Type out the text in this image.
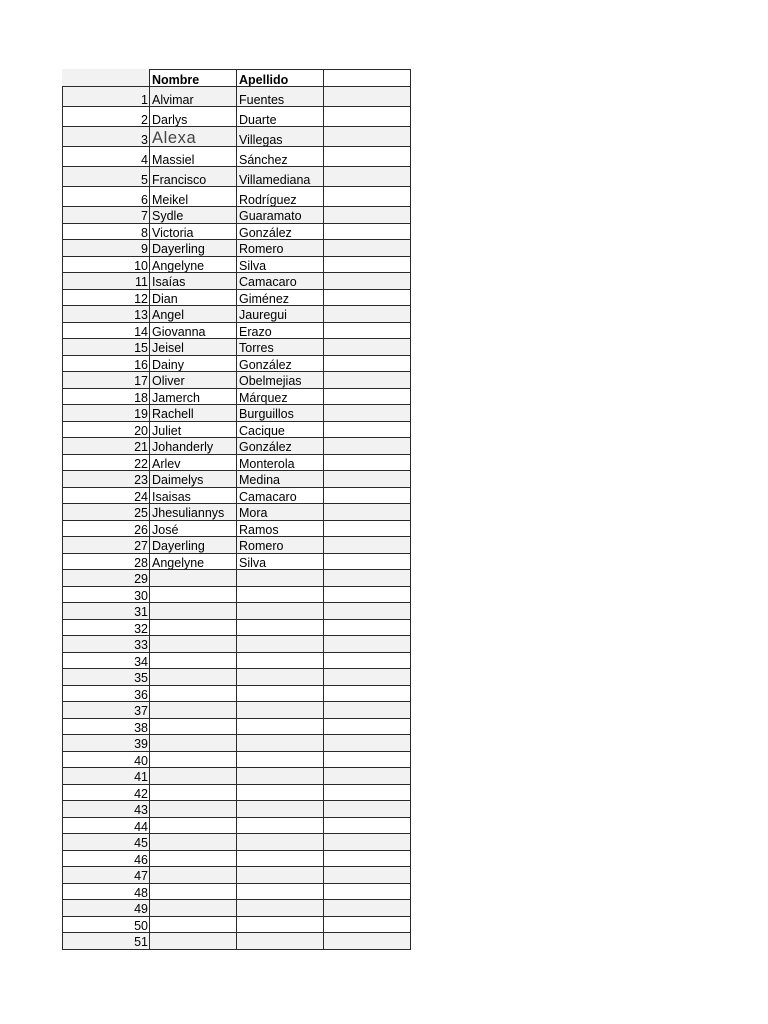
	Nombre	Apellido	
1	Alvimar	Fuentes	
2	Darlys	Duarte	
3	Alexa	Villegas	
4	Massiel	Sánchez	
5	Francisco	Villamediana	
6	Meikel	Rodríguez	
7	Sydle	Guaramato	
8	Victoria	González	
9	Dayerling	Romero	
10	Angelyne	Silva	
11	Isaías	Camacaro	
12	Dian	Giménez	
13	Angel	Jauregui	
14	Giovanna	Erazo	
15	Jeisel	Torres	
16	Dainy	González	
17	Oliver	Obelmejias	
18	Jamerch	Márquez	
19	Rachell	Burguillos	
20	Juliet	Cacique	
21	Johanderly	González	
22	Arlev	Monterola	
23	Daimelys	Medina	
24	Isaisas	Camacaro	
25	Jhesuliannys	Mora	
26	José	Ramos	
27	Dayerling	Romero	
28	Angelyne	Silva	
29			
30			
31			
32			
33			
34			
35			
36			
37			
38			
39			
40			
41			
42			
43			
44			
45			
46			
47			
48			
49			
50			
51			
